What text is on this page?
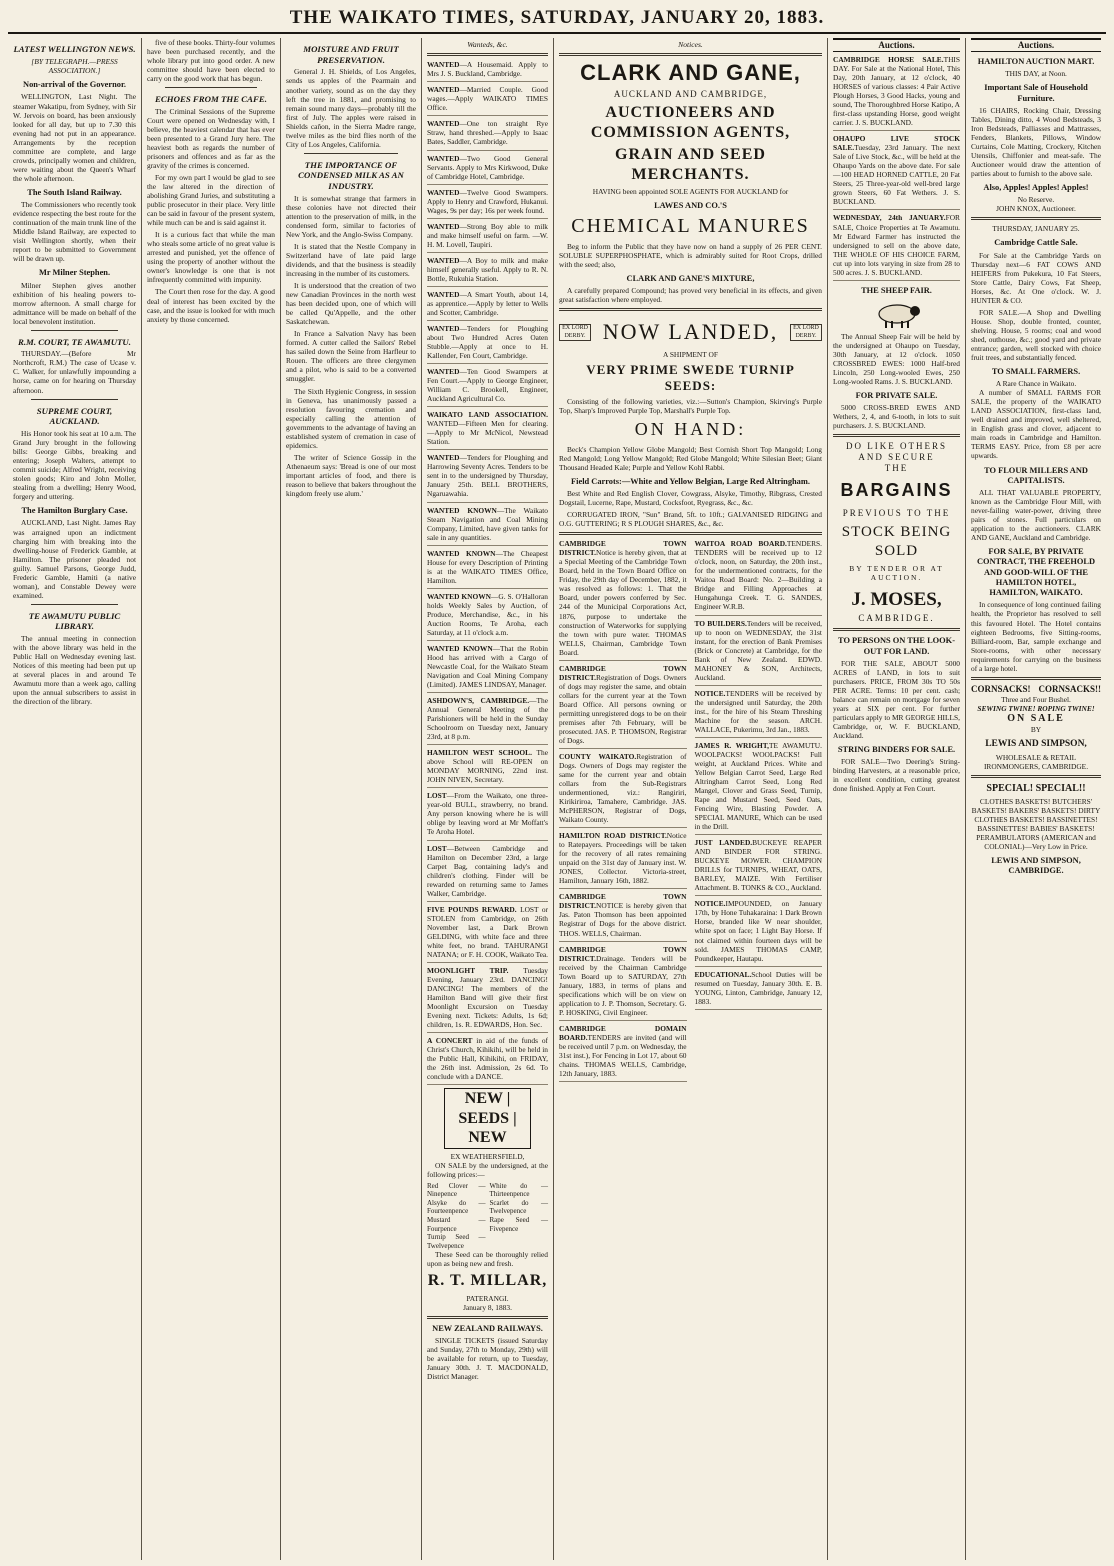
THE WAIKATO TIMES, SATURDAY, JANUARY 20, 1883.
LATEST WELLINGTON NEWS.
[BY TELEGRAPH.—PRESS ASSOCIATION.]
Non-arrival of the Governor.

WELLINGTON, Last Night. The steamer Wakatipu, from Sydney, with Sir W. Jervois on board, has been anxiously looked for all day, but up to 7.30 this evening had not put in an appearance. Arrangements by the reception committee are complete, and large crowds, principally women and children, were waiting about the Queen's Wharf the whole afternoon.

The South Island Railway.

The Commissioners who recently took evidence respecting the best route for the continuation of the main trunk line of the Middle Island Railway, are expected to visit Wellington shortly, when their report to be submitted to Government will be drawn up.

Mr Milner Stephen.

Milner Stephen gives another exhibition of his healing powers to-morrow afternoon. A small charge for admittance will be made on behalf of the local benevolent institution.

R.M. COURT, TE AWAMUTU.

THURSDAY.—(Before Mr Northcroft, R.M.) The case of Ucase v. C. Walker, for unlawfully impounding a horse, came on for hearing on Thursday afternoon.

SUPREME COURT, AUCKLAND.

His Honor took his seat at 10 a.m. The Grand Jury brought in the following bills: George Gibbs, breaking and entering; Joseph Walters, attempt to commit suicide; Alfred Wright, receiving stolen goods; Kiro and John Moller, stealing from a dwelling; Henry Wood, forgery and uttering.

The Hamilton Burglary Case.

AUCKLAND, Last Night. James Ray was arraigned upon an indictment charging him with breaking into the dwelling-house of Frederick Gamble, at Hamilton. The prisoner pleaded not guilty. Samuel Parsons, George Judd, Frederic Gamble, Hamiti (a native woman), and Constable Dewey were examined.

TE AWAMUTU PUBLIC LIBRARY.

The annual meeting in connection with the above library was held in the Public Hall on Wednesday evening last. Notices of this meeting had been put up at several places in and around Te Awamutu more than a week ago, calling upon the annual subscribers to assist in the direction of the library.

five of these books. Thirty-four volumes have been purchased recently, and the whole library put into good order. A new committee should have been elected to carry on the good work that has begun.

ECHOES FROM THE CAFE.

The Criminal Sessions of the Supreme Court were opened on Wednesday with, I believe, the heaviest calendar that has ever been presented to a Grand Jury here. The heaviest both as regards the number of prisoners and offences and as far as the gravity of the crimes is concerned.

For my own part I would be glad to see the law altered in the direction of abolishing Grand Juries, and substituting a public prosecutor in their place. Very little can be said in favour of the present system, while much can be and is said against it.

It is a curious fact that while the man who steals some article of no great value is arrested and punished, yet the offence of using the property of another without the owner's knowledge is one that is not infrequently committed with impunity.

The Court then rose for the day. A good deal of interest has been excited by the case, and the issue is looked for with much anxiety by those concerned.

MOISTURE AND FRUIT PRESERVATION.

General J. H. Shields, of Los Angeles, sends us apples of the Pearmain and another variety, sound as on the day they left the tree in 1881, and promising to remain sound many days—probably till the first of July. The apples were raised in Shields cañon, in the Sierra Madre range, twelve miles as the bird flies north of the City of Los Angeles, California.

THE IMPORTANCE OF CONDENSED MILK AS AN INDUSTRY.

It is somewhat strange that farmers in these colonies have not directed their attention to the preservation of milk, in the condensed form, similar to factories of New York, and the Anglo-Swiss Company.

It is stated that the Nestle Company in Switzerland have of late paid large dividends, and that the business is steadily increasing in the number of its customers.

It is understood that the creation of two new Canadian Provinces in the north west has been decided upon, one of which will be called Qu'Appelle, and the other Saskatchewan.

In France a Salvation Navy has been formed. A cutter called the Sailors' Rebel has sailed down the Seine from Harfleur to Rouen. The officers are three clergymen and a pilot, who is said to be a converted smuggler.

The Sixth Hygienic Congress, in session in Geneva, has unanimously passed a resolution favouring cremation and especially calling the attention of governments to the advantage of having an established system of cremation in case of epidemics.

The writer of Science Gossip in the Athenaeum says: 'Bread is one of our most important articles of food, and there is reason to believe that bakers throughout the kingdom freely use alum.'

Wanteds, &c.
WANTED—A Housemaid. Apply to Mrs J. S. Buckland, Cambridge.
WANTED—Married Couple. Good wages.—Apply WAIKATO TIMES Office.
WANTED—One ton straight Rye Straw, hand threshed.—Apply to Isaac Bates, Saddler, Cambridge.
WANTED—Two Good General Servants. Apply to Mrs Kirkwood, Duke of Cambridge Hotel, Cambridge.
WANTED—Twelve Good Swampers. Apply to Henry and Crawford, Hukanui. Wages, 9s per day; 16s per week found.
WANTED—Strong Boy able to milk and make himself useful on farm. —W. H. M. Lovell, Taupiri.
WANTED—A Boy to milk and make himself generally useful. Apply to R. N. Bottle, Rukuhia Station.
WANTED—A Smart Youth, about 14, as apprentice.—Apply by letter to Wells and Scotter, Cambridge.
WANTED—Tenders for Ploughing about Two Hundred Acres Oaten Stubble.—Apply at once to H. Kallender, Fen Court, Cambridge.
WANTED—Ten Good Swampers at Fen Court.—Apply to George Engineer, William C. Brookell, Engineer, Auckland Agricultural Co.
WAIKATO LAND ASSOCIATION. WANTED—Fifteen Men for clearing. —Apply to Mr McNicol, Newstead Station.
WANTED—Tenders for Ploughing and Harrowing Seventy Acres. Tenders to be sent in to the undersigned by Thursday, January 25th. BELL BROTHERS, Ngaruawahia.
WANTED KNOWN—The Waikato Steam Navigation and Coal Mining Company, Limited, have given tanks for sale in any quantities.
WANTED KNOWN—The Cheapest House for every Description of Printing is at the WAIKATO TIMES Office, Hamilton.
WANTED KNOWN—G. S. O'Halloran holds Weekly Sales by Auction, of Produce, Merchandise, &c., in his Auction Rooms, Te Aroha, each Saturday, at 11 o'clock a.m.
WANTED KNOWN—That the Robin Hood has arrived with a Cargo of Newcastle Coal, for the Waikato Steam Navigation and Coal Mining Company (Limited). JAMES LINDSAY, Manager.
ASHDOWN'S, CAMBRIDGE.—The Annual General Meeting of the Parishioners will be held in the Sunday Schoolroom on Tuesday next, January 23rd, at 8 p.m.
HAMILTON WEST SCHOOL. The above School will RE-OPEN on MONDAY MORNING, 22nd inst. JOHN NIVEN, Secretary.
LOST—From the Waikato, one three-year-old BULL, strawberry, no brand. Any person knowing where he is will oblige by leaving word at Mr Moffatt's Te Aroha Hotel.
LOST—Between Cambridge and Hamilton on December 23rd, a large Carpet Bag, containing lady's and children's clothing. Finder will be rewarded on returning same to James Walker, Cambridge.
FIVE POUNDS REWARD. LOST or STOLEN from Cambridge, on 26th November last, a Dark Brown GELDING, with white face and three white feet, no brand. TAHURANGI NATANA; or F. H. COOK, Waikato Tea.
MOONLIGHT TRIP. Tuesday Evening, January 23rd. DANCING! DANCING! The members of the Hamilton Band will give their first Moonlight Excursion on Tuesday Evening next. Tickets: Adults, 1s 6d; children, 1s. R. EDWARDS, Hon. Sec.
A CONCERT in aid of the funds of Christ's Church, Kihikihi, will be held in the Public Hall, Kihikihi, on FRIDAY, the 26th inst. Admission, 2s 6d. To conclude with a DANCE.
NEW | SEEDS | NEW
EX WEATHERSFIELD,

ON SALE by the undersigned, at the following prices:—

Red Clover — Ninepence
White do — Thirteenpence
Alsyke do — Fourteenpence
Scarlet do — Twelvepence
Mustard — Fourpence
Rape Seed — Fivepence
Turnip Seed — Twelvepence

These Seed can be thoroughly relied upon as being new and fresh.

R. T. MILLAR,
PATERANGI.
January 8, 1883.
NEW ZEALAND RAILWAYS.

SINGLE TICKETS (issued Saturday and Sunday, 27th to Monday, 29th) will be available for return, up to Tuesday, January 30th. J. T. MACDONALD, District Manager.

Notices.
CLARK AND GANE,
AUCKLAND AND CAMBRIDGE,
AUCTIONEERS AND COMMISSION AGENTS,
GRAIN AND SEED MERCHANTS.
HAVING been appointed SOLE AGENTS FOR AUCKLAND for
LAWES AND CO.'S
CHEMICAL MANURES

Beg to inform the Public that they have now on hand a supply of 26 PER CENT. SOLUBLE SUPERPHOSPHATE, which is admirably suited for Root Crops, drilled with the seed; also,

CLARK AND GANE'S MIXTURE,

A carefully prepared Compound; has proved very beneficial in its effects, and given great satisfaction where employed.

EX LORD DERBY. NOW LANDED,	EX LORD DERBY.
A SHIPMENT OF
VERY PRIME SWEDE TURNIP SEEDS:

Consisting of the following varieties, viz.:—Sutton's Champion, Skirving's Purple Top, Sharp's Improved Purple Top, Marshall's Purple Top.

ON HAND:

Beck's Champion Yellow Globe Mangold; Best Cornish Short Top Mangold; Long Red Mangold; Long Yellow Mangold; Red Globe Mangold; White Silesian Beet; Giant Thousand Headed Kale; Purple and Yellow Kohl Rabbi.

Field Carrots:—White and Yellow Belgian, Large Red Altringham.

Best White and Red English Clover, Cowgrass, Alsyke, Timothy, Ribgrass, Crested Dogstail, Lucerne, Rape, Mustard, Cocksfoot, Ryegrass, &c., &c.

CORRUGATED IRON, "Sun" Brand, 5ft. to 10ft.; GALVANISED RIDGING and O.G. GUTTERING; R S PLOUGH SHARES, &c., &c.

CAMBRIDGE TOWN DISTRICT.Notice is hereby given, that at a Special Meeting of the Cambridge Town Board, held in the Town Board Office on Friday, the 29th day of December, 1882, it was resolved as follows: 1. That the Board, under powers conferred by Sec. 244 of the Municipal Corporations Act, 1876, purpose to undertake the construction of Waterworks for supplying the town with pure water. THOMAS WELLS, Chairman, Cambridge Town Board.
CAMBRIDGE TOWN DISTRICT.Registration of Dogs. Owners of dogs may register the same, and obtain collars for the current year at the Town Board Office. All persons owning or permitting unregistered dogs to be on their premises after 7th February, will be prosecuted. JAS. P. THOMSON, Registrar of Dogs.
COUNTY WAIKATO.Registration of Dogs. Owners of Dogs may register the same for the current year and obtain collars from the Sub-Registrars undermentioned, viz.: Rangiriri, Kirikiriroa, Tamahere, Cambridge. JAS. McPHERSON, Registrar of Dogs, Waikato County.
HAMILTON ROAD DISTRICT.Notice to Ratepayers. Proceedings will be taken for the recovery of all rates remaining unpaid on the 31st day of January inst. W. JONES, Collector. Victoria-street, Hamilton, January 16th, 1882.
CAMBRIDGE TOWN DISTRICT.NOTICE is hereby given that Jas. Paton Thomson has been appointed Registrar of Dogs for the above district. THOS. WELLS, Chairman.
CAMBRIDGE TOWN DISTRICT.Drainage. Tenders will be received by the Chairman Cambridge Town Board up to SATURDAY, 27th January, 1883, in terms of plans and specifications which will be on view on application to J. P. Thomson, Secretary. G. P. HOSKING, Civil Engineer.
CAMBRIDGE DOMAIN BOARD.TENDERS are invited (and will be received until 7 p.m. on Wednesday, the 31st inst.), For Fencing in Lot 17, about 60 chains. THOMAS WELLS, Cambridge, 12th January, 1883.
WAITOA ROAD BOARD.TENDERS. TENDERS will be received up to 12 o'clock, noon, on Saturday, the 20th inst., for the undermentioned contracts, for the Waitoa Road Board: No. 2—Building a Bridge and Filling Approaches at Hungahunga Creek. T. G. SANDES, Engineer W.R.B.
TO BUILDERS.Tenders will be received, up to noon on WEDNESDAY, the 31st instant, for the erection of Bank Premises (Brick or Concrete) at Cambridge, for the Bank of New Zealand. EDWD. MAHONEY & SON, Architects, Auckland.
NOTICE.TENDERS will be received by the undersigned until Saturday, the 20th inst., for the hire of his Steam Threshing Machine for the season. ARCH. WALLACE, Pukerimu, 3rd Jan., 1883.
JAMES R. WRIGHT,TE AWAMUTU. WOOLPACKS! WOOLPACKS! Full weight, at Auckland Prices. White and Yellow Belgian Carrot Seed, Large Red Altringham Carrot Seed, Long Red Mangel, Clover and Grass Seed, Turnip, Rape and Mustard Seed, Seed Oats, Fencing Wire, Blasting Powder. A SPECIAL MANURE, Which can be used in the Drill.
JUST LANDED.BUCKEYE REAPER AND BINDER FOR STRING. BUCKEYE MOWER. CHAMPION DRILLS for TURNIPS, WHEAT, OATS, BARLEY, MAIZE. With Fertiliser Attachment. B. TONKS & CO., Auckland.
NOTICE.IMPOUNDED, on January 17th, by Hone Tuhakaraina: 1 Dark Brown Horse, branded like W near shoulder, white spot on face; 1 Light Bay Horse. If not claimed within fourteen days will be sold. JAMES THOMAS CAMP, Poundkeeper, Hautapu.
EDUCATIONAL.School Duties will be resumed on Tuesday, January 30th. E. B. YOUNG, Linton, Cambridge, January 12, 1883.
Auctions.
CAMBRIDGE HORSE SALE.THIS DAY. For Sale at the National Hotel, This Day, 20th January, at 12 o'clock, 40 HORSES of various classes: 4 Pair Active Plough Horses, 3 Good Hacks, young and sound, The Thoroughbred Horse Katipo, A first-class upstanding Horse, good weight carrier. J. S. BUCKLAND.
OHAUPO LIVE STOCK SALE.Tuesday, 23rd January. The next Sale of Live Stock, &c., will be held at the Ohaupo Yards on the above date. For sale—100 HEAD HORNED CATTLE, 20 Fat Steers, 25 Three-year-old well-bred large grown Steers, 60 Fat Wethers. J. S. BUCKLAND.
WEDNESDAY, 24th JANUARY.FOR SALE, Choice Properties at Te Awamutu. Mr Edward Farmer has instructed the undersigned to sell on the above date, THE WHOLE OF HIS CHOICE FARM, cut up into lots varying in size from 28 to 500 acres. J. S. BUCKLAND.
THE SHEEP FAIR.

The Annual Sheep Fair will be held by the undersigned at Ohaupo on Tuesday, 30th January, at 12 o'clock. 1050 CROSSBRED EWES: 1000 Half-bred Lincoln, 250 Long-wooled Ewes, 250 Long-wooled Rams. J. S. BUCKLAND.

FOR PRIVATE SALE.

5000 CROSS-BRED EWES AND Wethers, 2, 4, and 6-tooth, in lots to suit purchasers. J. S. BUCKLAND.

DO LIKE OTHERS AND SECURE
THE
BARGAINS
PREVIOUS TO THE
STOCK BEING SOLD
BY TENDER OR AT AUCTION.
J. MOSES,
CAMBRIDGE.
TO PERSONS ON THE LOOK-OUT FOR LAND.

FOR THE SALE, ABOUT 5000 ACRES of LAND, in lots to suit purchasers. PRICE, FROM 30s TO 50s PER ACRE. Terms: 10 per cent. cash; balance can remain on mortgage for seven years at SIX per cent. For further particulars apply to MR GEORGE HILLS, Cambridge, or, W. F. BUCKLAND, Auckland.

STRING BINDERS FOR SALE.

FOR SALE—Two Deering's String-binding Harvesters, at a reasonable price, in excellent condition, cutting greatest done finished. Apply at Fen Court.

Auctions.
HAMILTON AUCTION MART.
THIS DAY, at Noon.
Important Sale of Household Furniture.

16 CHAIRS, Rocking Chair, Dressing Tables, Dining ditto, 4 Wood Bedsteads, 3 Iron Bedsteads, Palliasses and Mattrasses, Fenders, Blankets, Pillows, Window Curtains, Cole Matting, Crockery, Kitchen Utensils, Chiffonier and meat-safe. The Auctioneer would draw the attention of parties about to furnish to the above sale.

Also, Apples! Apples! Apples!
No Reserve.
JOHN KNOX, Auctioneer.
THURSDAY, JANUARY 25.
Cambridge Cattle Sale.

For Sale at the Cambridge Yards on Thursday next—6 FAT COWS AND HEIFERS from Pukekura, 10 Fat Steers, Store Cattle, Dairy Cows, Fat Sheep, Horses, &c. At One o'clock. W. J. HUNTER & CO.

FOR SALE.—A Shop and Dwelling House. Shop, double fronted, counter, shelving. House, 5 rooms; coal and wood shed, outhouse, &c.; good yard and private entrance; garden, well stocked with choice fruit trees, and substantially fenced.

TO SMALL FARMERS.
A Rare Chance in Waikato.

A number of SMALL FARMS FOR SALE, the property of the WAIKATO LAND ASSOCIATION, first-class land, well drained and improved, well sheltered, in English grass and clover, adjacent to main roads in Cambridge and Hamilton. TERMS EASY. Price, from £8 per acre upwards.

TO FLOUR MILLERS AND CAPITALISTS.

ALL THAT VALUABLE PROPERTY, known as the Cambridge Flour Mill, with never-failing water-power, driving three pairs of stones. Full particulars on application to the auctioneers. CLARK AND GANE, Auckland and Cambridge.

FOR SALE, BY PRIVATE CONTRACT, THE FREEHOLD AND GOOD-WILL OF THE HAMILTON HOTEL, HAMILTON, WAIKATO.

In consequence of long continued failing health, the Proprietor has resolved to sell this favoured Hotel. The Hotel contains eighteen Bedrooms, five Sitting-rooms, Billiard-room, Bar, sample exchange and Store-rooms, with other necessary requirements for carrying on the business of a large hotel.

CORNSACKS! CORNSACKS!!
Three and Four Bushel.
SEWING TWINE! ROPING TWINE!
ON SALE
BY
LEWIS AND SIMPSON,
WHOLESALE & RETAIL IRONMONGERS, CAMBRIDGE.
SPECIAL! SPECIAL!!

CLOTHES BASKETS! BUTCHERS' BASKETS! BAKERS' BASKETS! DIRTY CLOTHES BASKETS! BASSINETTES! BASSINETTES! BABIES' BASKETS! PERAMBULATORS (AMERICAN and COLONIAL)—Very Low in Price.

LEWIS AND SIMPSON, CAMBRIDGE.
